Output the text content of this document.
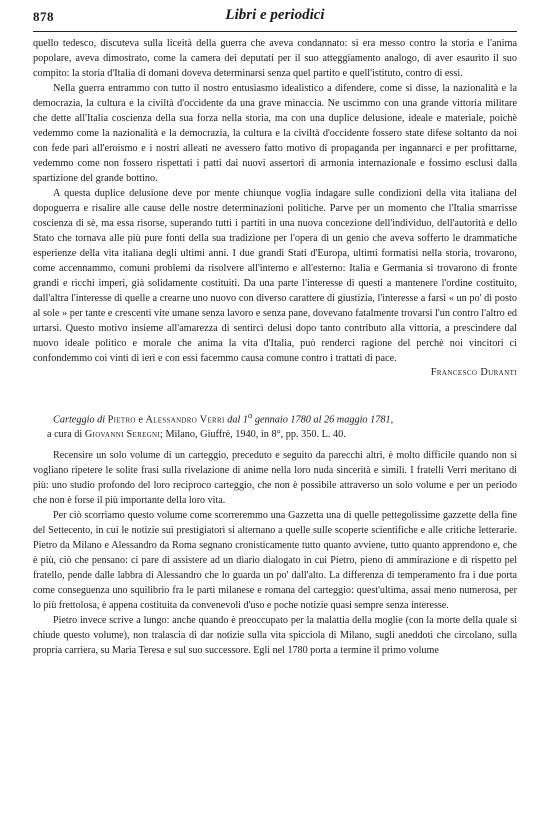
878	Libri e periodici

quello tedesco, discuteva sulla liceità della guerra che aveva condannato: si era messo contro la storia e l'anima popolare, aveva dimostrato, come la camera dei deputati per il suo atteggiamento analogo, di aver esaurito il suo compito: la storia d'Italia di domani doveva determinarsi senza quel partito e quell'istituto, contro di essi.

Nella guerra entrammo con tutto il nostro entusiasmo idealistico a difendere, come si disse, la nazionalità e la democrazia, la cultura e la civiltà d'occidente da una grave minaccia. Ne uscimmo con una grande vittoria militare che dette all'Italia coscienza della sua forza nella storia, ma con una duplice delusione, ideale e materiale, poichè vedemmo come la nazionalità e la democrazia, la cultura e la civiltà d'occidente fossero state difese soltanto da noi con fede pari all'eroismo e i nostri alleati ne avessero fatto motivo di propaganda per ingannarci e per profittarne, vedemmo come non fossero rispettati i patti dai nuovi assertori di armonia internazionale e fossimo esclusi dalla spartizione del grande bottino.

A questa duplice delusione deve por mente chiunque voglia indagare sulle condizioni della vita italiana del dopoguerra e risalire alle cause delle nostre determinazioni politiche. Parve per un momento che l'Italia smarrisse coscienza di sè, ma essa risorse, superando tutti i partiti in una nuova concezione dell'individuo, dell'autorità e dello Stato che tornava alle più pure fonti della sua tradizione per l'opera di un genio che aveva sofferto le drammatiche esperienze della vita italiana degli ultimi anni. I due grandi Stati d'Europa, ultimi formatisi nella storia, trovarono, come accennammo, comuni problemi da risolvere all'interno e all'esterno: Italia e Germania si trovarono di fronte grandi e ricchi imperi, già solidamente costituiti. Da una parte l'interesse di questi a mantenere l'ordine costituito, dall'altra l'interesse di quelle a crearne uno nuovo con diverso carattere di giustizia, l'interesse a farsi « un po' di posto al sole » per tante e crescenti vite umane senza lavoro e senza pane, dovevano fatalmente trovarsi l'un contro l'altro ed urtarsi. Questo motivo insieme all'amarezza di sentirci delusi dopo tanto contributo alla vittoria, a prescindere dal nuovo ideale politico e morale che anima la vita d'Italia, può renderci ragione del perchè noi vincitori ci confondemmo coi vinti di ieri e con essi facemmo causa comune contro i trattati di pace.

Francesco Duranti

Carteggio di Pietro e Alessandro Verri dal 1$^o$ gennaio 1780 al 26 maggio 1781,
a cura di Giovanni Seregni; Milano, Giuffrè, 1940, in 8°, pp. 350. L. 40.

Recensire un solo volume di un carteggio, preceduto e seguito da parecchi altri, è molto difficile quando non si vogliano ripetere le solite frasi sulla rivelazione di anime nella loro nuda sincerità e simili. I fratelli Verri meritano di più: uno studio profondo del loro reciproco carteggio, che non è possibile attraverso un solo volume e per un periodo che non è forse il più importante della loro vita.

Per ciò scorriamo questo volume come scorreremmo una Gazzetta una di quelle pettegolissime gazzette della fine del Settecento, in cui le notizie sui prestigiatori si alternano a quelle sulle scoperte scientifiche e alle critiche letterarie. Pietro da Milano e Alessandro da Roma segnano cronisticamente tutto quanto avviene, tutto quanto apprendono e, che è più, ciò che pensano: ci pare di assistere ad un diario dialogato in cui Pietro, pieno di ammirazione e di rispetto pel fratello, pende dalle labbra di Alessandro che lo guarda un po' dall'alto. La differenza di temperamento fra i due porta come conseguenza uno squilibrio fra le parti milanese e romana del carteggio: quest'ultima, assai meno numerosa, per lo più frettolosa, è appena costituita da convenevoli d'uso e poche notizie quasi sempre senza interesse.

Pietro invece scrive a lungo: anche quando è preoccupato per la malattia della moglie (con la morte della quale si chiude questo volume), non tralascia di dar notizie sulla vita spicciola di Milano, sugli aneddoti che circolano, sulla propria carriera, su Maria Teresa e sul suo successore. Egli nel 1780 porta a termine il primo volume
